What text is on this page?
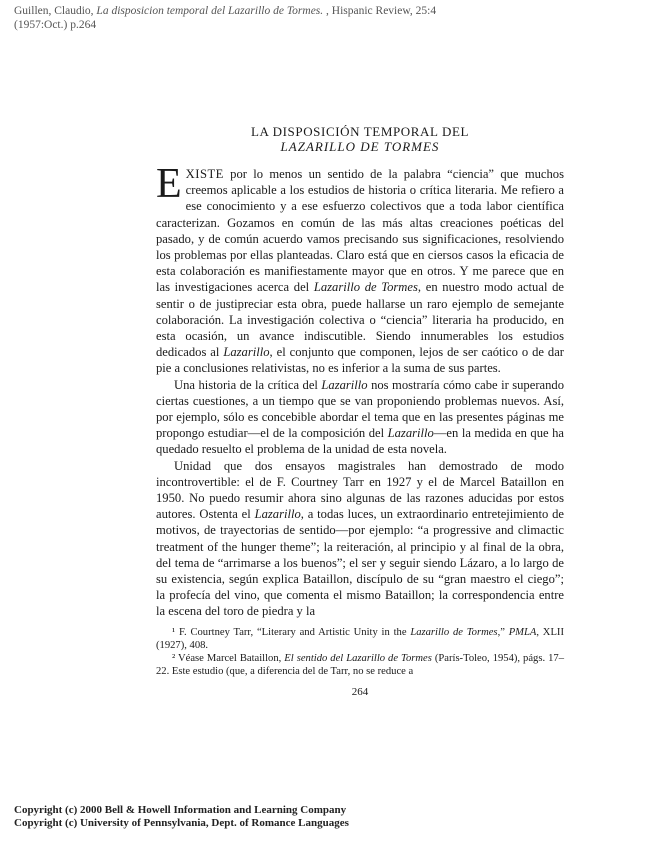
Guillen, Claudio, La disposicion temporal del Lazarillo de Tormes. , Hispanic Review, 25:4
(1957:Oct.) p.264
LA DISPOSICIÓN TEMPORAL DEL
LAZARILLO DE TORMES

EXISTE por lo menos un sentido de la palabra “ciencia” que muchos creemos aplicable a los estudios de historia o crítica literaria. Me refiero a ese conocimiento y a ese esfuerzo colectivos que a toda labor científica caracterizan. Gozamos en común de las más altas creaciones poéticas del pasado, y de común acuerdo vamos precisando sus significaciones, resolviendo los problemas por ellas planteadas. Claro está que en ciersos casos la eficacia de esta colaboración es manifiestamente mayor que en otros. Y me parece que en las investigaciones acerca del Lazarillo de Tormes, en nuestro modo actual de sentir o de justipreciar esta obra, puede hallarse un raro ejemplo de semejante colaboración. La investigación colectiva o “ciencia” literaria ha producido, en esta ocasión, un avance indiscutible. Siendo innumerables los estudios dedicados al Lazarillo, el conjunto que componen, lejos de ser caótico o de dar pie a conclusiones relativistas, no es inferior a la suma de sus partes.

Una historia de la crítica del Lazarillo nos mostraría cómo cabe ir superando ciertas cuestiones, a un tiempo que se van proponiendo problemas nuevos. Así, por ejemplo, sólo es concebible abordar el tema que en las presentes páginas me propongo estudiar—el de la composición del Lazarillo—en la medida en que ha quedado resuelto el problema de la unidad de esta novela.

Unidad que dos ensayos magistrales han demostrado de modo incontrovertible: el de F. Courtney Tarr en 1927 y el de Marcel Bataillon en 1950. No puedo resumir ahora sino algunas de las razones aducidas por estos autores. Ostenta el Lazarillo, a todas luces, un extraordinario entretejimiento de motivos, de trayectorias de sentido—por ejemplo: “a progressive and climactic treatment of the hunger theme”; la reiteración, al principio y al final de la obra, del tema de “arrimarse a los buenos”; el ser y seguir siendo Lázaro, a lo largo de su existencia, según explica Bataillon, discípulo de su “gran maestro el ciego”; la profecía del vino, que comenta el mismo Bataillon; la correspondencia entre la escena del toro de piedra y la

¹ F. Courtney Tarr, “Literary and Artistic Unity in the Lazarillo de Tormes,” PMLA, XLII (1927), 408.

² Véase Marcel Bataillon, El sentido del Lazarillo de Tormes (París-Toleo, 1954), págs. 17–22. Este estudio (que, a diferencia del de Tarr, no se reduce a

264
Copyright (c) 2000 Bell & Howell Information and Learning Company
Copyright (c) University of Pennsylvania, Dept. of Romance Languages
